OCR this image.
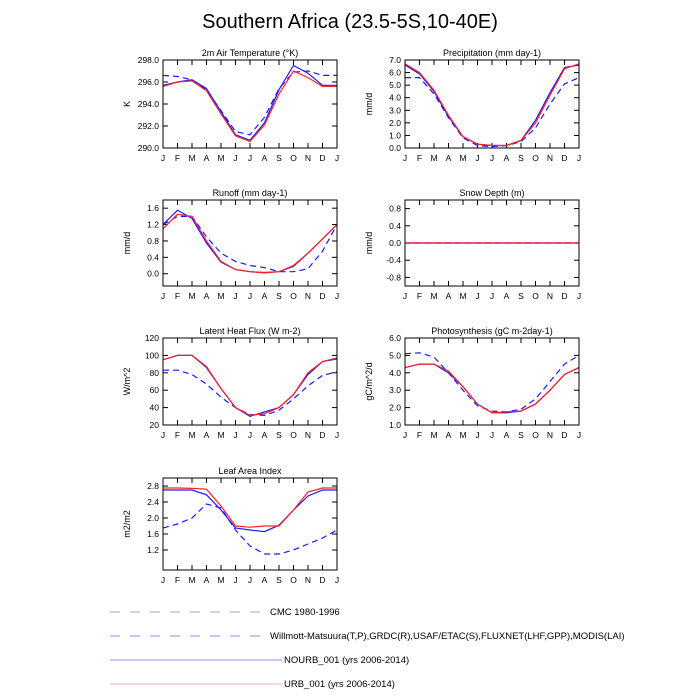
Southern Africa (23.5-5S,10-40E)
2m Air Temperature (°K)
K
290.0
292.0
294.0
296.0
298.0
J F M A M J J A S O N D J
Precipitation (mm day-1)
mm/d
0.0
1.0
2.0
3.0
4.0
5.0
6.0
7.0
J F M A M J J A S O N D J
Runoff (mm day-1)
mm/d
0.0
0.4
0.8
1.2
1.6
J F M A M J J A S O N D J
Snow Depth (m)
mm/d
-0.8
-0.4
0.0
0.4
0.8
J F M A M J J A S O N D J
Latent Heat Flux (W m-2)
W/m^2
20
40
60
80
100
120
J F M A M J J A S O N D J
Photosynthesis (gC m-2day-1)
gC/m^2/d
1.0
2.0
3.0
4.0
5.0
6.0
J F M A M J J A S O N D J
Leaf Area Index
m2/m2
1.2
1.6
2.0
2.4
2.8
J F M A M J J A S O N D J
CMC 1980-1996
Willmott-Matsuura(T,P),GRDC(R),USAF/ETAC(S),FLUXNET(LHF,GPP),MODIS(LAI)
NOURB_001 (yrs 2006-2014)
URB_001 (yrs 2006-2014)
